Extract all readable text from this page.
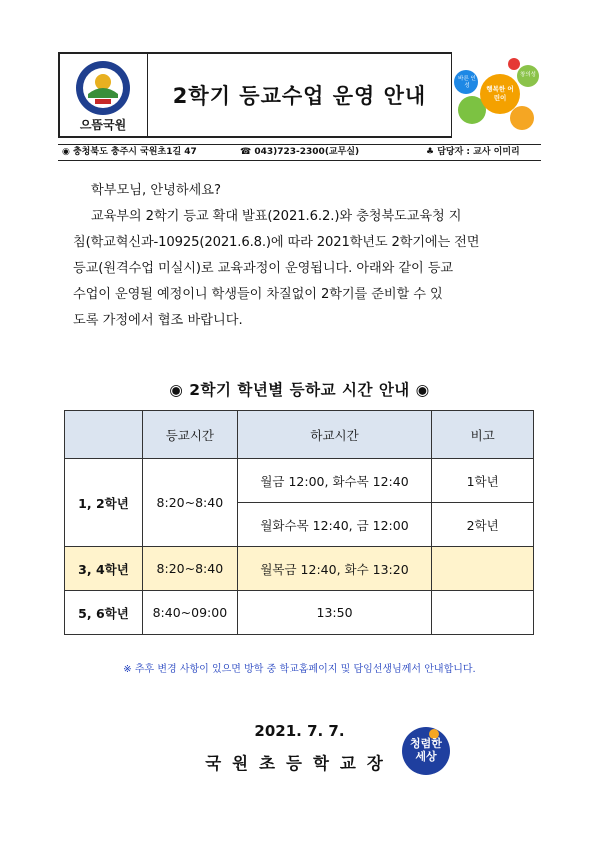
으뜸국원
2학기 등교수업 운영 안내
바른 인성	행복한 어린이
창의성
◉ 충청북도 충주시 국원초1길 47	☎ 043)723-2300(교무실)	♣ 담당자 : 교사 이미리
학부모님, 안녕하세요?
교육부의 2학기 등교 확대 발표(2021.6.2.)와 충청북도교육청 지
침(학교혁신과-10925(2021.6.8.)에 따라 2021학년도 2학기에는 전면
등교(원격수업 미실시)로 교육과정이 운영됩니다. 아래와 같이 등교
수업이 운영될 예정이니 학생들이 차질없이 2학기를 준비할 수 있
도록 가정에서 협조 바랍니다.
◉ 2학기 학년별 등하교 시간 안내 ◉
	등교시간	하교시간	비고
1, 2학년	8:20~8:40	월금 12:00, 화수목 12:40	1학년
		월화수목 12:40, 금 12:00	2학년
3, 4학년	8:20~8:40	월목금 12:40, 화수 13:20	
5, 6학년	8:40~09:00	13:50	
※ 추후 변경 사항이 있으면 방학 중 학교홈페이지 및 담임선생님께서 안내합니다.
2021. 7. 7.
국원초등학교장
청렴한 세상
